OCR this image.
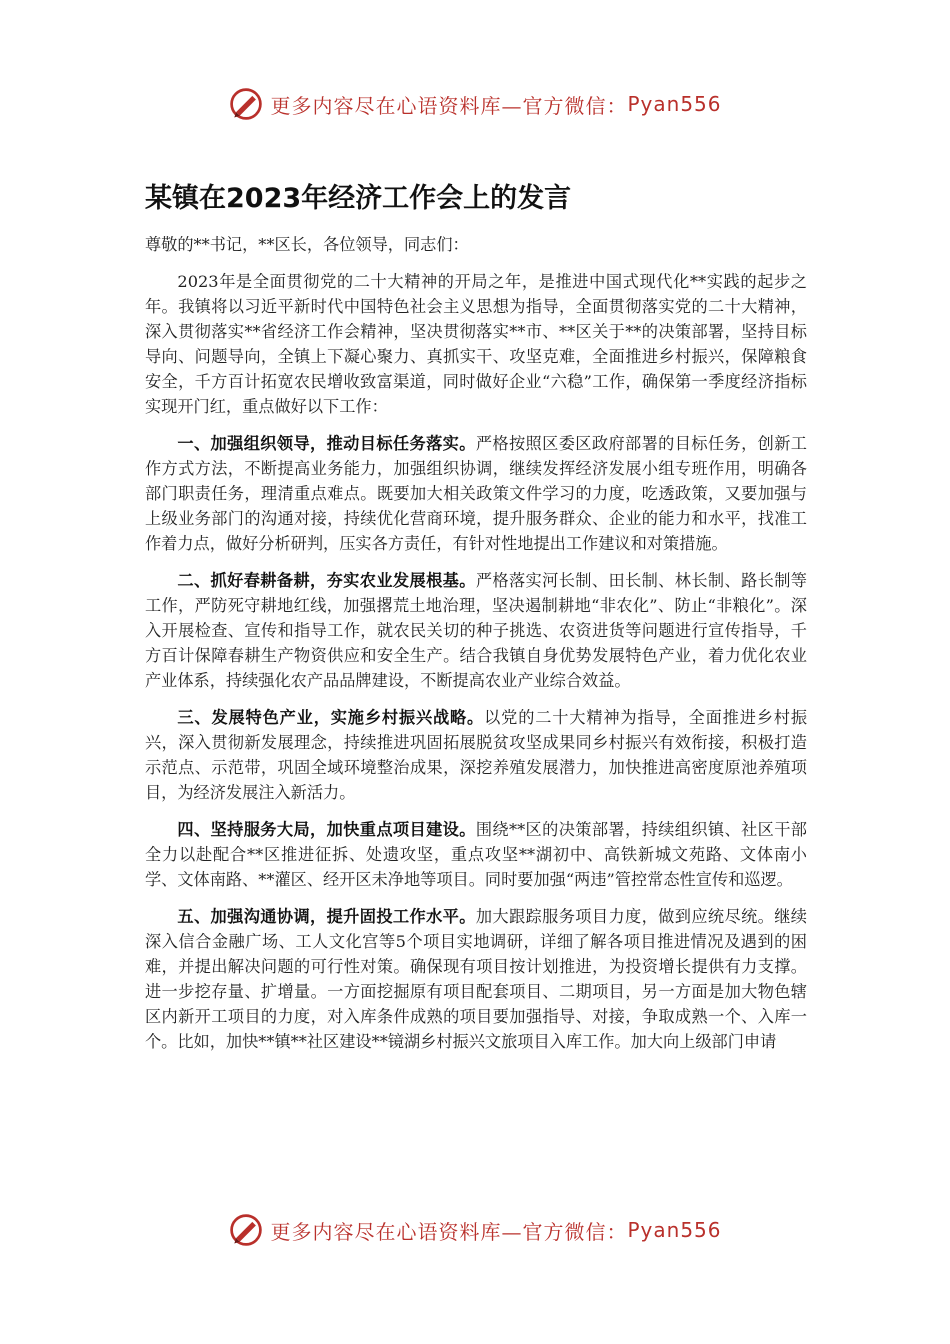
更多内容尽在心语资料库—官方微信： Pyan556
某镇在2023年经济工作会上的发言

尊敬的**书记，**区长，各位领导，同志们：

2023年是全面贯彻党的二十大精神的开局之年，是推进中国式现代化**实践的起步之年。我镇将以习近平新时代中国特色社会主义思想为指导，全面贯彻落实党的二十大精神，深入贯彻落实**省经济工作会精神，坚决贯彻落实**市、**区关于**的决策部署，坚持目标导向、问题导向，全镇上下凝心聚力、真抓实干、攻坚克难，全面推进乡村振兴，保障粮食安全，千方百计拓宽农民增收致富渠道，同时做好企业“六稳”工作，确保第一季度经济指标实现开门红，重点做好以下工作：

一、加强组织领导，推动目标任务落实。严格按照区委区政府部署的目标任务，创新工作方式方法，不断提高业务能力，加强组织协调，继续发挥经济发展小组专班作用，明确各部门职责任务，理清重点难点。既要加大相关政策文件学习的力度，吃透政策，又要加强与上级业务部门的沟通对接，持续优化营商环境，提升服务群众、企业的能力和水平，找准工作着力点，做好分析研判，压实各方责任，有针对性地提出工作建议和对策措施。

二、抓好春耕备耕，夯实农业发展根基。严格落实河长制、田长制、林长制、路长制等工作，严防死守耕地红线，加强撂荒土地治理，坚决遏制耕地“非农化”、防止“非粮化”。深入开展检查、宣传和指导工作，就农民关切的种子挑选、农资进货等问题进行宣传指导，千方百计保障春耕生产物资供应和安全生产。结合我镇自身优势发展特色产业，着力优化农业产业体系，持续强化农产品品牌建设，不断提高农业产业综合效益。

三、发展特色产业，实施乡村振兴战略。以党的二十大精神为指导，全面推进乡村振兴，深入贯彻新发展理念，持续推进巩固拓展脱贫攻坚成果同乡村振兴有效衔接，积极打造示范点、示范带，巩固全域环境整治成果，深挖养殖发展潜力，加快推进高密度原池养殖项目，为经济发展注入新活力。

四、坚持服务大局，加快重点项目建设。围绕**区的决策部署，持续组织镇、社区干部全力以赴配合**区推进征拆、处遗攻坚，重点攻坚**湖初中、高铁新城文苑路、文体南小学、文体南路、**灌区、经开区未净地等项目。同时要加强“两违”管控常态性宣传和巡逻。

五、加强沟通协调，提升固投工作水平。加大跟踪服务项目力度，做到应统尽统。继续深入信合金融广场、工人文化宫等5个项目实地调研，详细了解各项目推进情况及遇到的困难，并提出解决问题的可行性对策。确保现有项目按计划推进，为投资增长提供有力支撑。进一步挖存量、扩增量。一方面挖掘原有项目配套项目、二期项目，另一方面是加大物色辖区内新开工项目的力度，对入库条件成熟的项目要加强指导、对接，争取成熟一个、入库一个。比如，加快**镇**社区建设**镜湖乡村振兴文旅项目入库工作。加大向上级部门申请

更多内容尽在心语资料库—官方微信： Pyan556
